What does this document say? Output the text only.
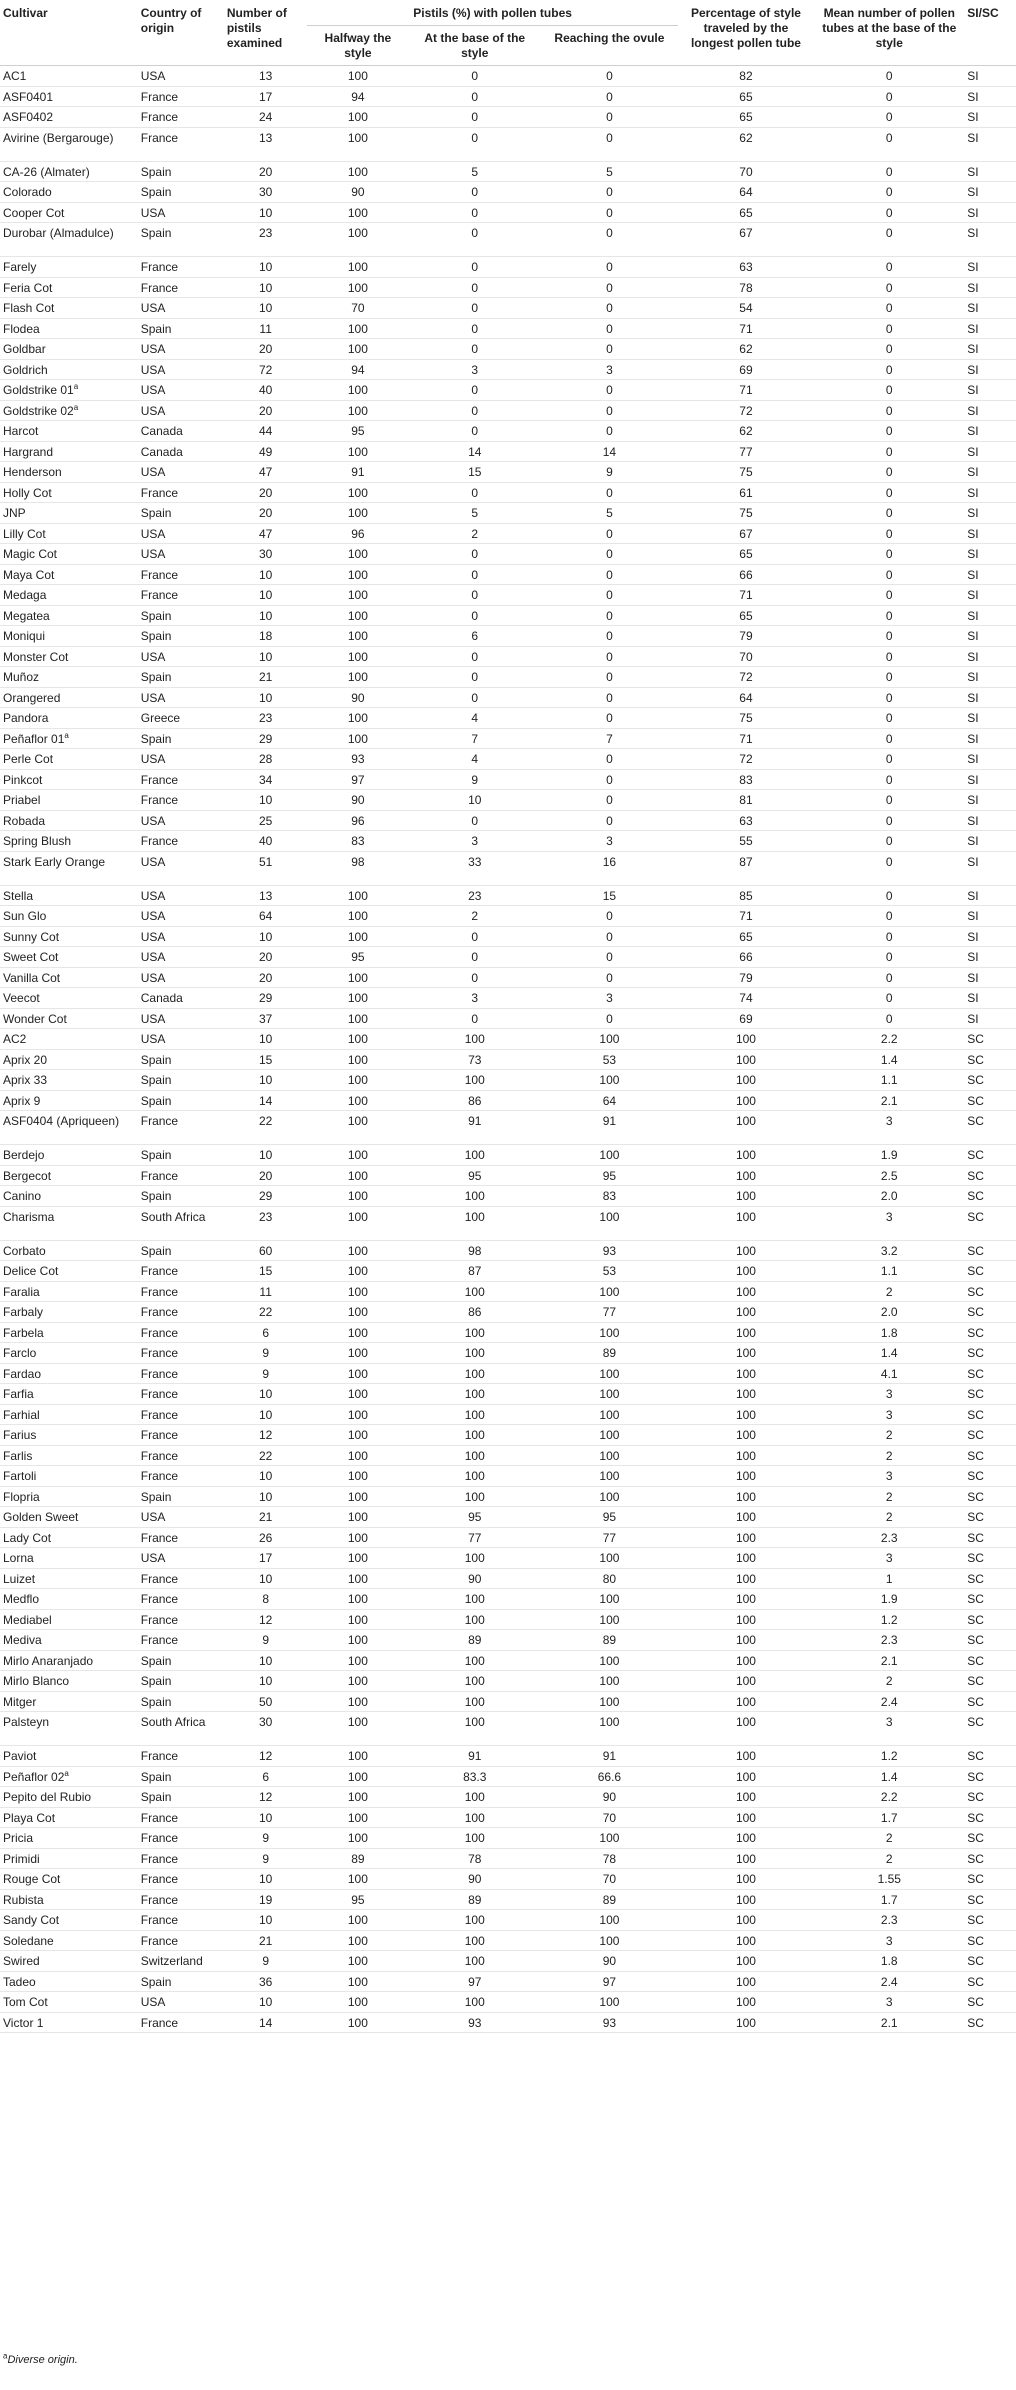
Cultivar	Country of origin	Number of pistils examined	Pistils (%) with pollen tubes			Percentage of style traveled by the longest pollen tube	Mean number of pollen tubes at the base of the style	SI/SC
			Halfway the style	At the base of the style	Reaching the ovule			
AC1	USA	13	100	0	0	82	0	SI
ASF0401	France	17	94	0	0	65	0	SI
ASF0402	France	24	100	0	0	65	0	SI
Avirine (Bergarouge)	France	13	100	0	0	62	0	SI
CA-26 (Almater)	Spain	20	100	5	5	70	0	SI
Colorado	Spain	30	90	0	0	64	0	SI
Cooper Cot	USA	10	100	0	0	65	0	SI
Durobar (Almadulce)	Spain	23	100	0	0	67	0	SI
Farely	France	10	100	0	0	63	0	SI
Feria Cot	France	10	100	0	0	78	0	SI
Flash Cot	USA	10	70	0	0	54	0	SI
Flodea	Spain	11	100	0	0	71	0	SI
Goldbar	USA	20	100	0	0	62	0	SI
Goldrich	USA	72	94	3	3	69	0	SI
Goldstrike 01$^a$	USA	40	100	0	0	71	0	SI
Goldstrike 02$^a$	USA	20	100	0	0	72	0	SI
Harcot	Canada	44	95	0	0	62	0	SI
Hargrand	Canada	49	100	14	14	77	0	SI
Henderson	USA	47	91	15	9	75	0	SI
Holly Cot	France	20	100	0	0	61	0	SI
JNP	Spain	20	100	5	5	75	0	SI
Lilly Cot	USA	47	96	2	0	67	0	SI
Magic Cot	USA	30	100	0	0	65	0	SI
Maya Cot	France	10	100	0	0	66	0	SI
Medaga	France	10	100	0	0	71	0	SI
Megatea	Spain	10	100	0	0	65	0	SI
Moniqui	Spain	18	100	6	0	79	0	SI
Monster Cot	USA	10	100	0	0	70	0	SI
Muñoz	Spain	21	100	0	0	72	0	SI
Orangered	USA	10	90	0	0	64	0	SI
Pandora	Greece	23	100	4	0	75	0	SI
Peñaflor 01$^a$	Spain	29	100	7	7	71	0	SI
Perle Cot	USA	28	93	4	0	72	0	SI
Pinkcot	France	34	97	9	0	83	0	SI
Priabel	France	10	90	10	0	81	0	SI
Robada	USA	25	96	0	0	63	0	SI
Spring Blush	France	40	83	3	3	55	0	SI
Stark Early Orange	USA	51	98	33	16	87	0	SI
Stella	USA	13	100	23	15	85	0	SI
Sun Glo	USA	64	100	2	0	71	0	SI
Sunny Cot	USA	10	100	0	0	65	0	SI
Sweet Cot	USA	20	95	0	0	66	0	SI
Vanilla Cot	USA	20	100	0	0	79	0	SI
Veecot	Canada	29	100	3	3	74	0	SI
Wonder Cot	USA	37	100	0	0	69	0	SI
AC2	USA	10	100	100	100	100	2.2	SC
Aprix 20	Spain	15	100	73	53	100	1.4	SC
Aprix 33	Spain	10	100	100	100	100	1.1	SC
Aprix 9	Spain	14	100	86	64	100	2.1	SC
ASF0404 (Apriqueen)	France	22	100	91	91	100	3	SC
Berdejo	Spain	10	100	100	100	100	1.9	SC
Bergecot	France	20	100	95	95	100	2.5	SC
Canino	Spain	29	100	100	83	100	2.0	SC
Charisma	South Africa	23	100	100	100	100	3	SC
Corbato	Spain	60	100	98	93	100	3.2	SC
Delice Cot	France	15	100	87	53	100	1.1	SC
Faralia	France	11	100	100	100	100	2	SC
Farbaly	France	22	100	86	77	100	2.0	SC
Farbela	France	6	100	100	100	100	1.8	SC
Farclo	France	9	100	100	89	100	1.4	SC
Fardao	France	9	100	100	100	100	4.1	SC
Farfia	France	10	100	100	100	100	3	SC
Farhial	France	10	100	100	100	100	3	SC
Farius	France	12	100	100	100	100	2	SC
Farlis	France	22	100	100	100	100	2	SC
Fartoli	France	10	100	100	100	100	3	SC
Flopria	Spain	10	100	100	100	100	2	SC
Golden Sweet	USA	21	100	95	95	100	2	SC
Lady Cot	France	26	100	77	77	100	2.3	SC
Lorna	USA	17	100	100	100	100	3	SC
Luizet	France	10	100	90	80	100	1	SC
Medflo	France	8	100	100	100	100	1.9	SC
Mediabel	France	12	100	100	100	100	1.2	SC
Mediva	France	9	100	89	89	100	2.3	SC
Mirlo Anaranjado	Spain	10	100	100	100	100	2.1	SC
Mirlo Blanco	Spain	10	100	100	100	100	2	SC
Mitger	Spain	50	100	100	100	100	2.4	SC
Palsteyn	South Africa	30	100	100	100	100	3	SC
Paviot	France	12	100	91	91	100	1.2	SC
Peñaflor 02$^a$	Spain	6	100	83.3	66.6	100	1.4	SC
Pepito del Rubio	Spain	12	100	100	90	100	2.2	SC
Playa Cot	France	10	100	100	70	100	1.7	SC
Pricia	France	9	100	100	100	100	2	SC
Primidi	France	9	89	78	78	100	2	SC
Rouge Cot	France	10	100	90	70	100	1.55	SC
Rubista	France	19	95	89	89	100	1.7	SC
Sandy Cot	France	10	100	100	100	100	2.3	SC
Soledane	France	21	100	100	100	100	3	SC
Swired	Switzerland	9	100	100	90	100	1.8	SC
Tadeo	Spain	36	100	97	97	100	2.4	SC
Tom Cot	USA	10	100	100	100	100	3	SC
Victor 1	France	14	100	93	93	100	2.1	SC
$^a$Diverse origin.
